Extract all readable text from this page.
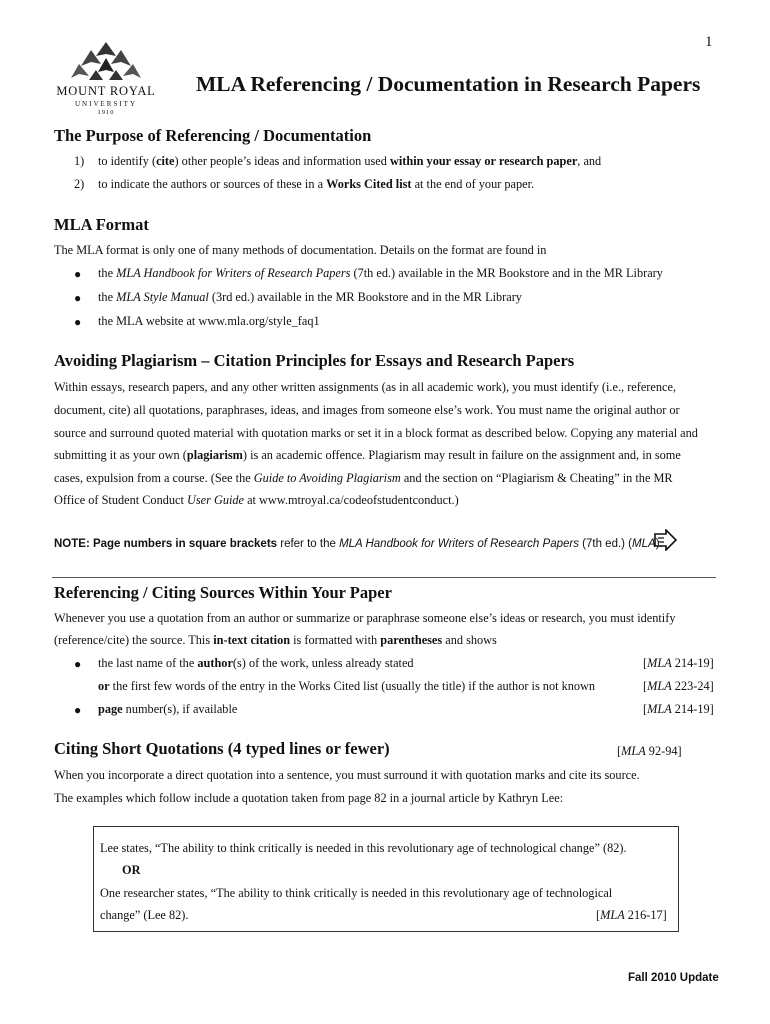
1
MOUNT ROYAL
UNIVERSITY
1910
MLA Referencing / Documentation in Research Papers
The Purpose of Referencing / Documentation
1) to identify (cite) other people’s ideas and information used within your essay or research paper, and
2) to indicate the authors or sources of these in a Works Cited list at the end of your paper.
MLA Format
The MLA format is only one of many methods of documentation. Details on the format are found in
● the MLA Handbook for Writers of Research Papers (7th ed.) available in the MR Bookstore and in the MR Library
● the MLA Style Manual (3rd ed.) available in the MR Bookstore and in the MR Library
● the MLA website at www.mla.org/style_faq1
Avoiding Plagiarism – Citation Principles for Essays and Research Papers
Within essays, research papers, and any other written assignments (as in all academic work), you must identify (i.e., reference,
document, cite) all quotations, paraphrases, ideas, and images from someone else’s work. You must name the original author or
source and surround quoted material with quotation marks or set it in a block format as described below. Copying any material and
submitting it as your own (plagiarism) is an academic offence. Plagiarism may result in failure on the assignment and, in some
cases, expulsion from a course. (See the Guide to Avoiding Plagiarism and the section on “Plagiarism & Cheating” in the MR
Office of Student Conduct User Guide at www.mtroyal.ca/codeofstudentconduct.)
NOTE: Page numbers in square brackets refer to the MLA Handbook for Writers of Research Papers (7th ed.) (MLA).
Referencing / Citing Sources Within Your Paper
Whenever you use a quotation from an author or summarize or paraphrase someone else’s ideas or research, you must identify
(reference/cite) the source. This in-text citation is formatted with parentheses and shows
● the last name of the author(s) of the work, unless already stated	[MLA 214-19]
or the first few words of the entry in the Works Cited list (usually the title) if the author is not known	[MLA 223-24]
● page number(s), if available	[MLA 214-19]
Citing Short Quotations (4 typed lines or fewer)	[MLA 92-94]
When you incorporate a direct quotation into a sentence, you must surround it with quotation marks and cite its source.
The examples which follow include a quotation taken from page 82 in a journal article by Kathryn Lee:
Lee states, “The ability to think critically is needed in this revolutionary age of technological change” (82).
OR
One researcher states, “The ability to think critically is needed in this revolutionary age of technological
change” (Lee 82).	[MLA 216-17]
Fall 2010 Update
